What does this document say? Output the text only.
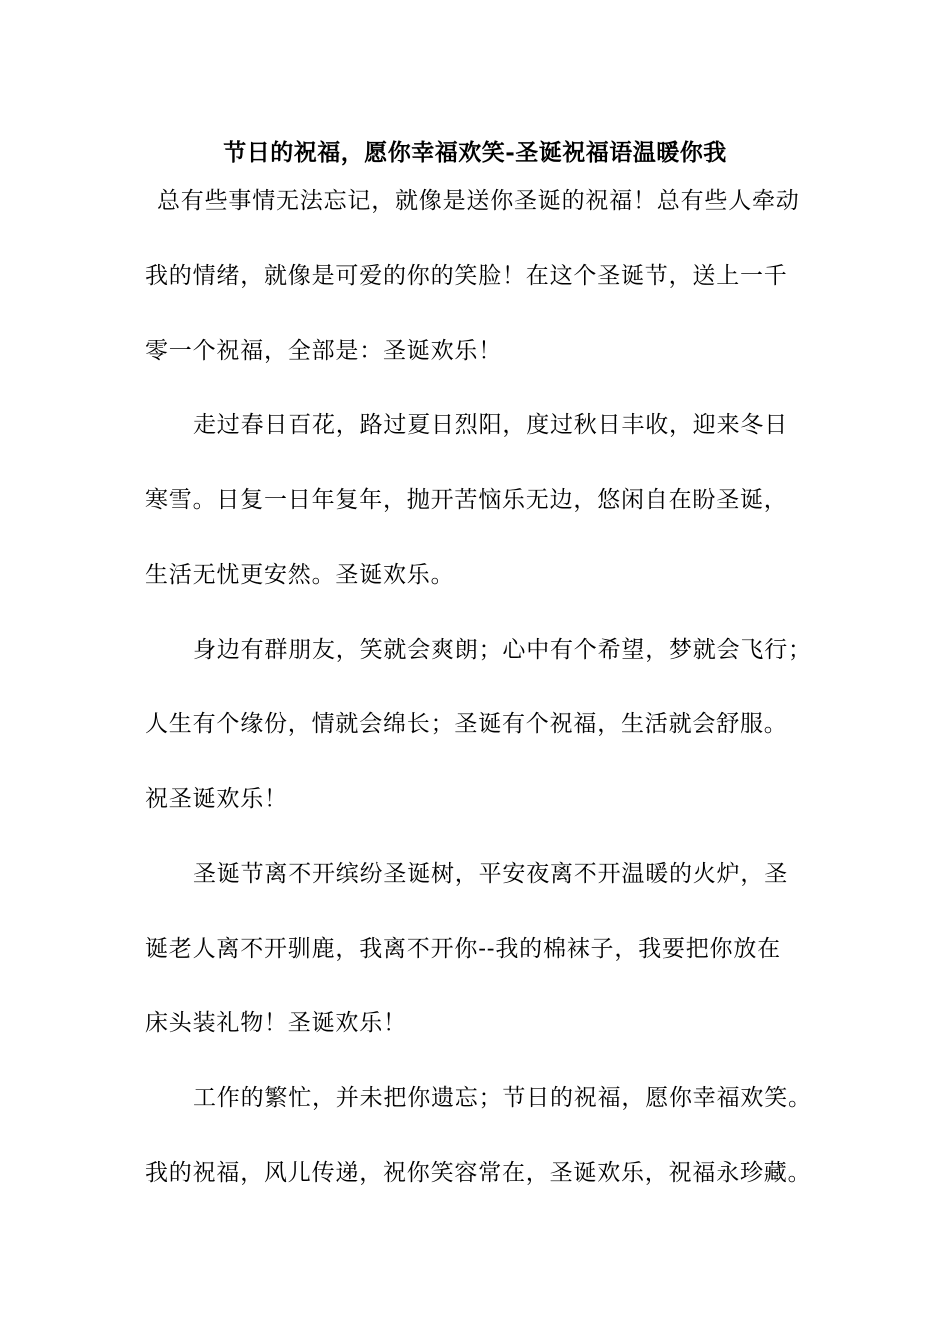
节日的祝福，愿你幸福欢笑-圣诞祝福语温暖你我
总有些事情无法忘记，就像是送你圣诞的祝福！总有些人牵动
我的情绪，就像是可爱的你的笑脸！在这个圣诞节，送上一千
零一个祝福，全部是：圣诞欢乐！
走过春日百花，路过夏日烈阳，度过秋日丰收，迎来冬日
寒雪。日复一日年复年，抛开苦恼乐无边，悠闲自在盼圣诞，
生活无忧更安然。圣诞欢乐。
身边有群朋友，笑就会爽朗；心中有个希望，梦就会飞行；
人生有个缘份，情就会绵长；圣诞有个祝福，生活就会舒服。
祝圣诞欢乐！
圣诞节离不开缤纷圣诞树，平安夜离不开温暖的火炉，圣
诞老人离不开驯鹿，我离不开你--我的棉袜子，我要把你放在
床头装礼物！圣诞欢乐！
工作的繁忙，并未把你遗忘；节日的祝福，愿你幸福欢笑。
我的祝福，风儿传递，祝你笑容常在，圣诞欢乐，祝福永珍藏。
